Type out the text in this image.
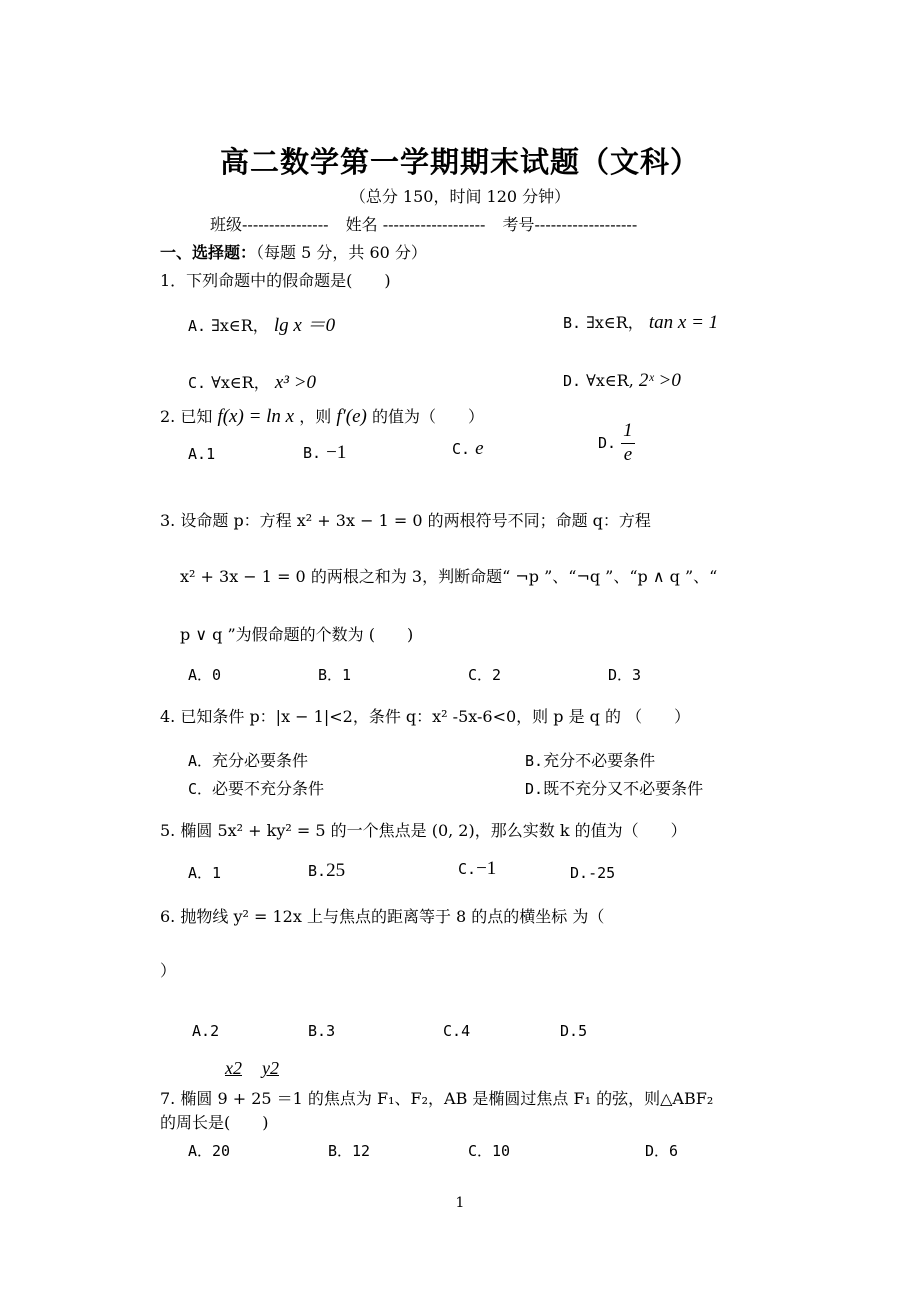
高二数学第一学期期末试题（文科）
（总分 150，时间 120 分钟）
班级---------------- 姓名 ------------------- 考号-------------------
一、选择题：（每题 5 分，共 60 分）
1．下列命题中的假命题是(　　)
A. ∃x∈R， lg x ＝0	B. ∃x∈R， tan x = 1
C. ∀x∈R， x³ >0	D. ∀x∈R, 2ˣ >0
2. 已知 f(x) = ln x ，则 f′(e) 的值为（　　）
A.1	B. −1	C. e	D. $\frac{1}{e}$
3. 设命题 p：方程 x² + 3x − 1 = 0 的两根符号不同；命题 q：方程
x² + 3x − 1 = 0 的两根之和为 3，判断命题“ ¬p ”、“¬q ”、“p ∧ q ”、“
p ∨ q ”为假命题的个数为 (　　)
A．0	B．1	C．2	D．3
4. 已知条件 p：|x − 1|<2，条件 q：x² -5x-6<0，则 p 是 q 的 （　　）
A．充分必要条件	B.充分不必要条件
C．必要不充分条件	D.既不充分又不必要条件
5. 椭圆 5x² + ky² = 5 的一个焦点是 (0, 2)，那么实数 k 的值为（　　）
A．1	B.25	C.−1	D.-25
6. 抛物线 y² = 12x 上与焦点的距离等于 8 的点的横坐标 为（
）
A.2	B.3	C.4	D.5
x2 y2
7. 椭圆 9 + 25 ＝1 的焦点为 F₁、F₂，AB 是椭圆过焦点 F₁ 的弦，则△ABF₂
的周长是(　　)
A．20	B．12	C．10	D．6
1
